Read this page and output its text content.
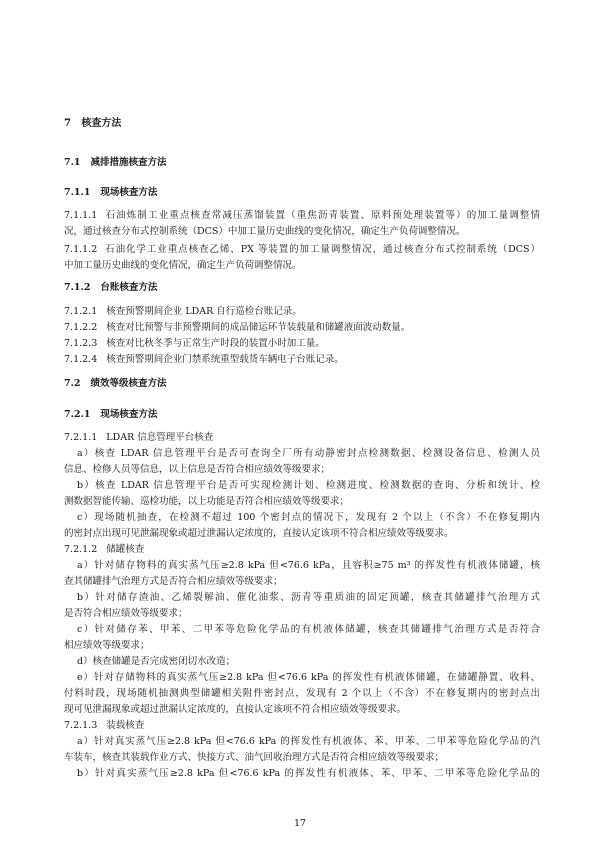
7   核查方法
7.1   减排措施核查方法
7.1.1   现场核查方法
7.1.1.1  石油炼制工业重点核查常减压蒸馏装置（重焦沥青装置、原料预处理装置等）的加工量调整情
况，通过核查分布式控制系统（DCS）中加工量历史曲线的变化情况，确定生产负荷调整情况。
7.1.1.2  石油化学工业重点核查乙烯、PX 等装置的加工量调整情况，通过核查分布式控制系统（DCS）
中加工量历史曲线的变化情况，确定生产负荷调整情况。
7.1.2   台账核查方法
7.1.2.1   核查预警期间企业 LDAR 自行巡检台账记录。
7.1.2.2   核查对比预警与非预警期间的成品储运环节装载量和储罐液面波动数量。
7.1.2.3   核查对比秋冬季与正常生产时段的装置小时加工量。
7.1.2.4   核查预警期间企业门禁系统重型载货车辆电子台账记录。
7.2   绩效等级核查方法
7.2.1   现场核查方法
7.2.1.1   LDAR 信息管理平台核查
a）核查 LDAR 信息管理平台是否可查询全厂所有动静密封点检测数据、检测设备信息、检测人员
信息、检修人员等信息，以上信息是否符合相应绩效等级要求；
b）核查 LDAR 信息管理平台是否可实现检测计划、检测进度、检测数据的查询、分析和统计、检
测数据智能传输、巡检功能，以上功能是否符合相应绩效等级要求；
c）现场随机抽查，在检测不超过 100 个密封点的情况下，发现有 2 个以上（不含）不在修复期内
的密封点出现可见泄漏现象或超过泄漏认定浓度的，直接认定该项不符合相应绩效等级要求。
7.2.1.2   储罐核查
a）针对储存物料的真实蒸气压≥2.8 kPa 但<76.6 kPa，且容积≥75 m³ 的挥发性有机液体储罐，核
查其储罐排气治理方式是否符合相应绩效等级要求；
b）针对储存渣油、乙烯裂解油、催化油浆、沥青等重质油的固定顶罐，核查其储罐排气治理方式
是否符合相应绩效等级要求；
c）针对储存苯、甲苯、二甲苯等危险化学品的有机液体储罐，核查其储罐排气治理方式是否符合
相应绩效等级要求；
d）核查储罐是否完成密闭切水改造；
e）针对存储物料的真实蒸气压≥2.8 kPa 但<76.6 kPa 的挥发性有机液体储罐，在储罐静置、收料、
付料时段，现场随机抽测典型储罐相关附件密封点，发现有 2 个以上（不含）不在修复期内的密封点出
现可见泄漏现象或超过泄漏认定浓度的，直接认定该项不符合相应绩效等级要求。
7.2.1.3   装载核查
a）针对真实蒸气压≥2.8 kPa 但<76.6 kPa 的挥发性有机液体、苯、甲苯、二甲苯等危险化学品的汽
车装车，核查其装载作业方式、快接方式、油气回收治理方式是否符合相应绩效等级要求；
b）针对真实蒸气压≥2.8 kPa 但<76.6 kPa 的挥发性有机液体、苯、甲苯、二甲苯等危险化学品的
17
